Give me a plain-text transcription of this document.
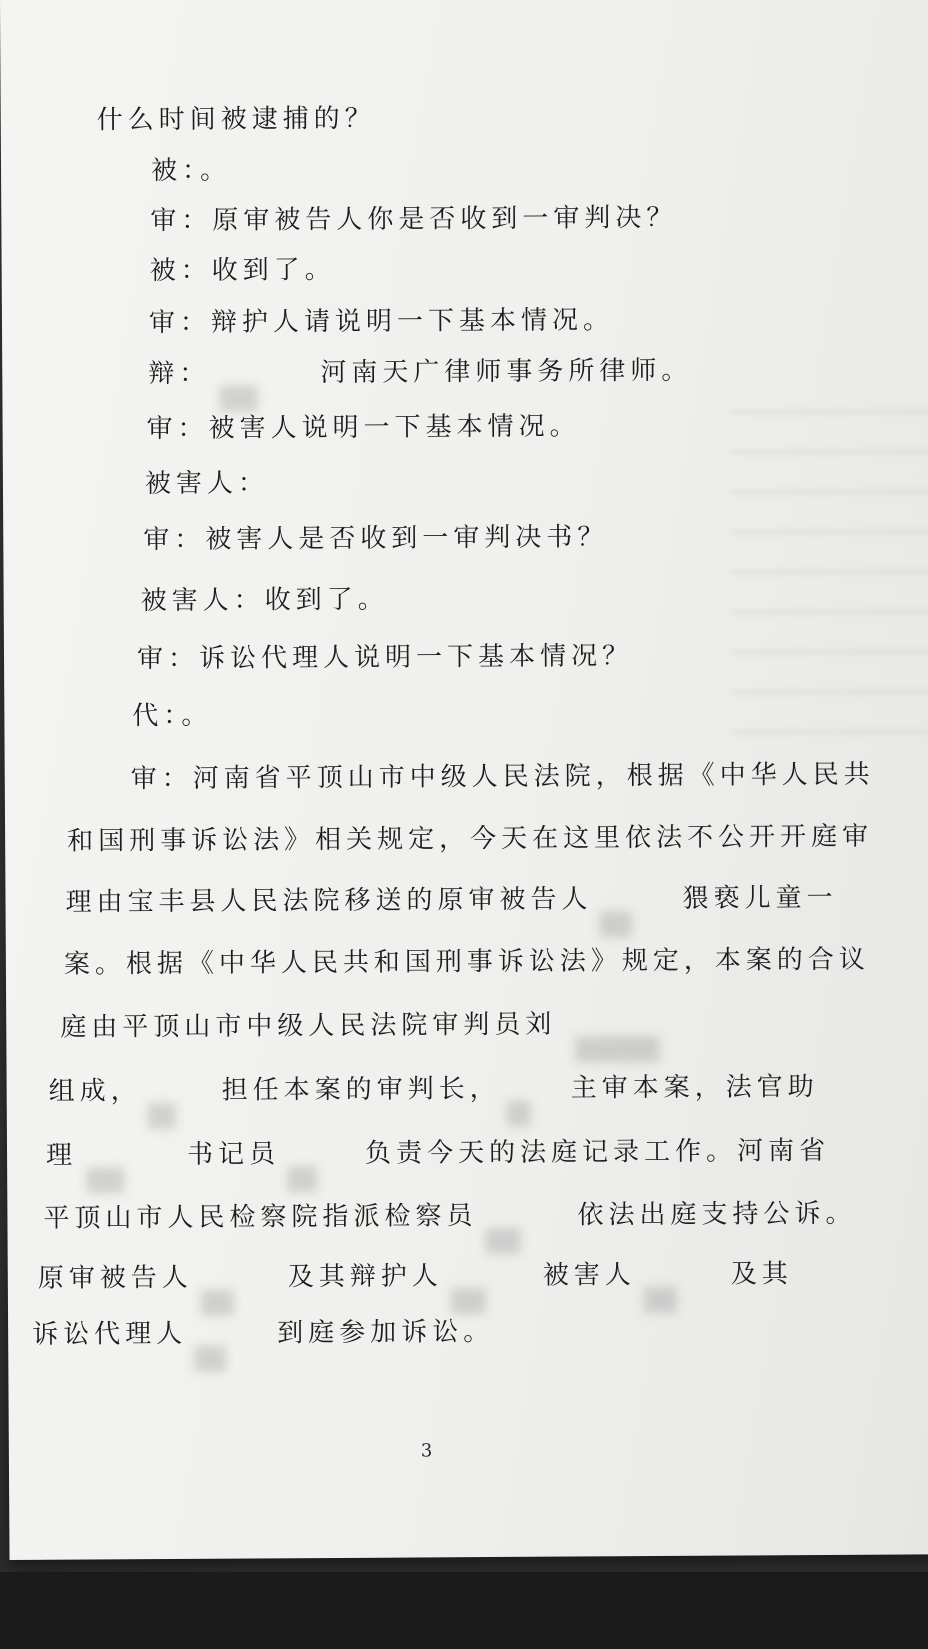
什么时间被逮捕的？
被：。
审：原审被告人你是否收到一审判决？
被：收到了。
审：辩护人请说明一下基本情况。
辩：	河南天广律师事务所律师。
审：被害人说明一下基本情况。
被害人：
审：被害人是否收到一审判决书？
被害人：收到了。
审：诉讼代理人说明一下基本情况？
代：。
审：河南省平顶山市中级人民法院，根据《中华人民共
和国刑事诉讼法》相关规定，今天在这里依法不公开开庭审
理由宝丰县人民法院移送的原审被告人	猥亵儿童一
案。根据《中华人民共和国刑事诉讼法》规定，本案的合议
庭由平顶山市中级人民法院审判员刘
组成，	担任本案的审判长，	主审本案，法官助
理	书记员	负责今天的法庭记录工作。河南省
平顶山市人民检察院指派检察员	依法出庭支持公诉。
原审被告人	及其辩护人	被害人	及其
诉讼代理人	到庭参加诉讼。
3
